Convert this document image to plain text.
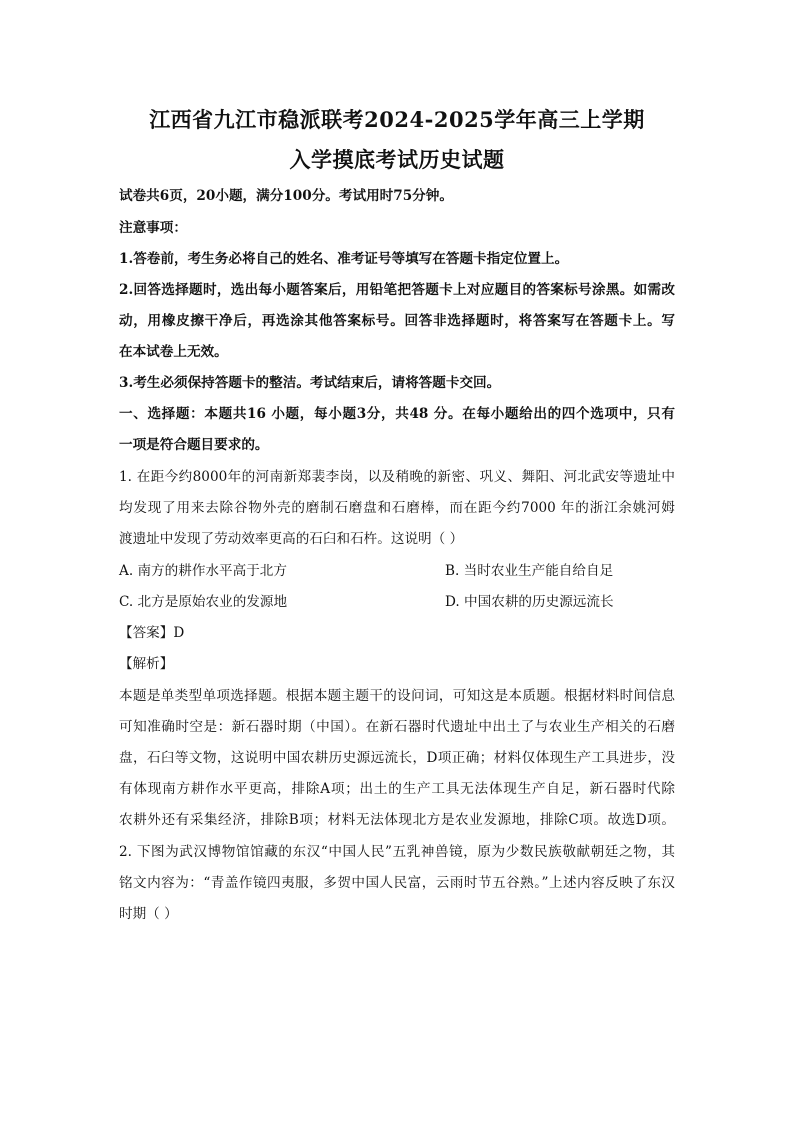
江西省九江市稳派联考2024-2025学年高三上学期
入学摸底考试历史试题
试卷共6页，20小题，满分100分。考试用时75分钟。
注意事项：
1.答卷前，考生务必将自己的姓名、准考证号等填写在答题卡指定位置上。
2.回答选择题时，选出每小题答案后，用铅笔把答题卡上对应题目的答案标号涂黑。如需改
动，用橡皮擦干净后，再选涂其他答案标号。回答非选择题时，将答案写在答题卡上。写
在本试卷上无效。
3.考生必须保持答题卡的整洁。考试结束后，请将答题卡交回。
一、选择题：本题共16 小题，每小题3分，共48 分。在每小题给出的四个选项中，只有
一项是符合题目要求的。
1. 在距今约8000年的河南新郑裴李岗，以及稍晚的新密、巩义、舞阳、河北武安等遗址中
均发现了用来去除谷物外壳的磨制石磨盘和石磨棒，而在距今约7000 年的浙江余姚河姆
渡遗址中发现了劳动效率更高的石臼和石杵。这说明（ ）
A. 南方的耕作水平高于北方	B. 当时农业生产能自给自足
C. 北方是原始农业的发源地	D. 中国农耕的历史源远流长
【答案】D
【解析】
本题是单类型单项选择题。根据本题主题干的设问词，可知这是本质题。根据材料时间信息
可知准确时空是：新石器时期（中国）。在新石器时代遗址中出土了与农业生产相关的石磨
盘，石臼等文物，这说明中国农耕历史源远流长，D项正确；材料仅体现生产工具进步，没
有体现南方耕作水平更高，排除A项；出土的生产工具无法体现生产自足，新石器时代除
农耕外还有采集经济，排除B项；材料无法体现北方是农业发源地，排除C项。故选D项。
2. 下图为武汉博物馆馆藏的东汉“中国人民”五乳神兽镜，原为少数民族敬献朝廷之物，其
铭文内容为：“青盖作镜四夷服，多贺中国人民富，云雨时节五谷熟。”上述内容反映了东汉
时期（ ）
